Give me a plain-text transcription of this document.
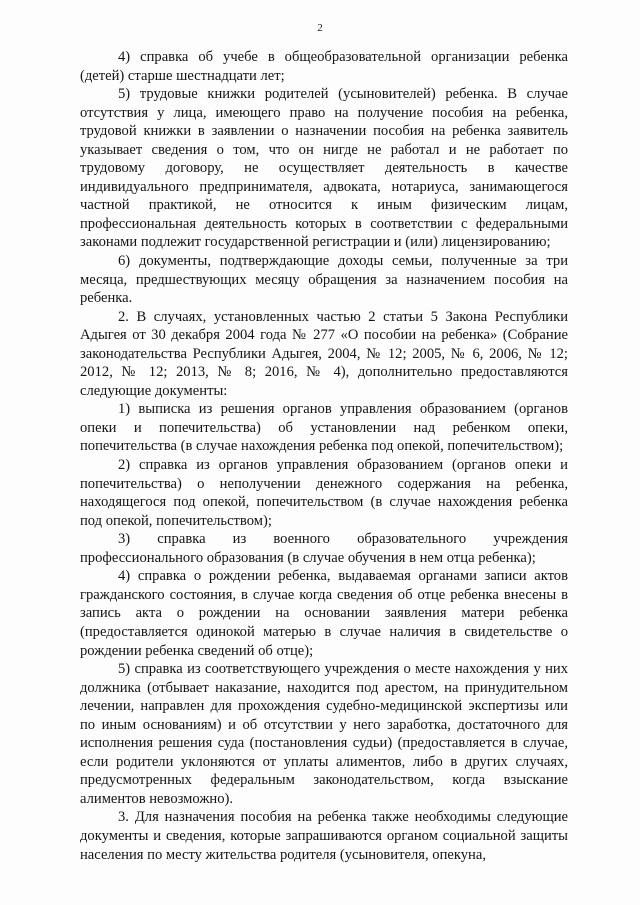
2

4) справка об учебе в общеобразовательной организации ребенка (детей) старше шестнадцати лет;

5) трудовые книжки родителей (усыновителей) ребенка. В случае отсутствия у лица, имеющего право на получение пособия на ребенка, трудовой книжки в заявлении о назначении пособия на ребенка заявитель указывает сведения о том, что он нигде не работал и не работает по трудовому договору, не осуществляет деятельность в качестве индивидуального предпринимателя, адвоката, нотариуса, занимающегося частной практикой, не относится к иным физическим лицам, профессиональная деятельность которых в соответствии с федеральными законами подлежит государственной регистрации и (или) лицензированию;

6) документы, подтверждающие доходы семьи, полученные за три месяца, предшествующих месяцу обращения за назначением пособия на ребенка.

2. В случаях, установленных частью 2 статьи 5 Закона Республики Адыгея от 30 декабря 2004 года № 277 «О пособии на ребенка» (Собрание законодательства Республики Адыгея, 2004, № 12; 2005, № 6, 2006, № 12; 2012, № 12; 2013, № 8; 2016, № 4), дополнительно предоставляются следующие документы:

1) выписка из решения органов управления образованием (органов опеки и попечительства) об установлении над ребенком опеки, попечительства (в случае нахождения ребенка под опекой, попечительством);

2) справка из органов управления образованием (органов опеки и попечительства) о неполучении денежного содержания на ребенка, находящегося под опекой, попечительством (в случае нахождения ребенка под опекой, попечительством);

3) справка из военного образовательного учреждения профессионального образования (в случае обучения в нем отца ребенка);

4) справка о рождении ребенка, выдаваемая органами записи актов гражданского состояния, в случае когда сведения об отце ребенка внесены в запись акта о рождении на основании заявления матери ребенка (предоставляется одинокой матерью в случае наличия в свидетельстве о рождении ребенка сведений об отце);

5) справка из соответствующего учреждения о месте нахождения у них должника (отбывает наказание, находится под арестом, на принудительном лечении, направлен для прохождения судебно-медицинской экспертизы или по иным основаниям) и об отсутствии у него заработка, достаточного для исполнения решения суда (постановления судьи) (предоставляется в случае, если родители уклоняются от уплаты алиментов, либо в других случаях, предусмотренных федеральным законодательством, когда взыскание алиментов невозможно).

3. Для назначения пособия на ребенка также необходимы следующие документы и сведения, которые запрашиваются органом социальной защиты населения по месту жительства родителя (усыновителя, опекуна,
